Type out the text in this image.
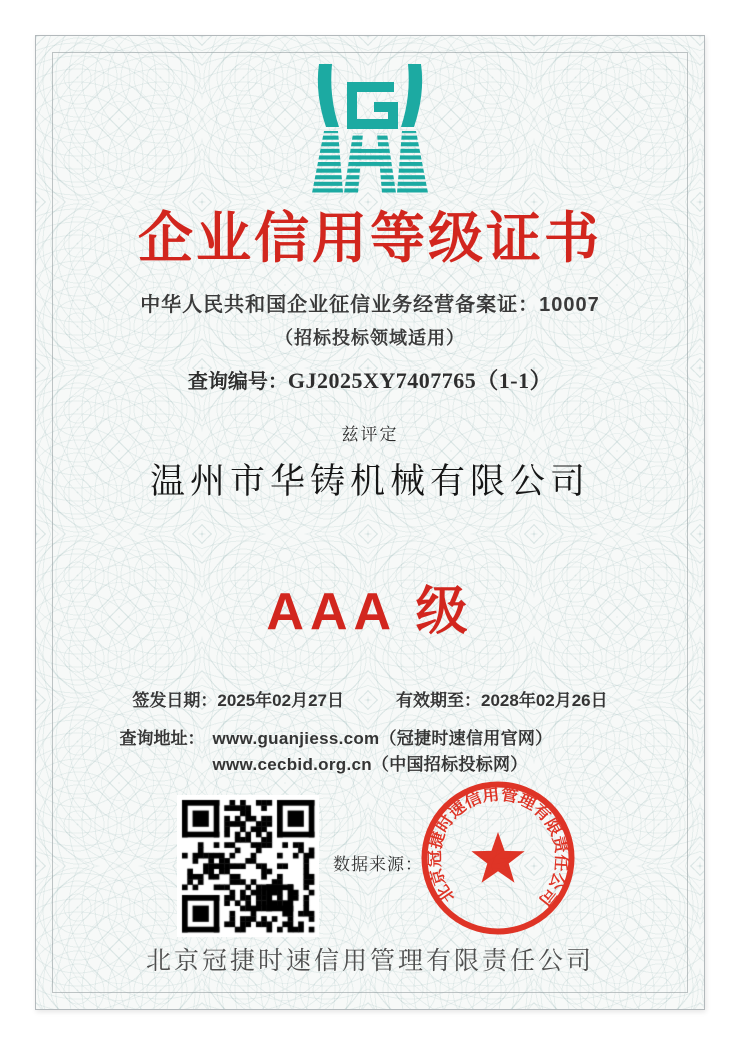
企业信用等级证书
中华人民共和国企业征信业务经营备案证：10007
（招标投标领域适用）
查询编号：GJ2025XY7407765（1-1）
兹评定
温州市华铸机械有限公司
AAA 级
签发日期：2025年02月27日	有效期至：2028年02月26日
查询地址： www.guanjiess.com（冠捷时速信用官网）
www.cecbid.org.cn（中国招标投标网）
数据来源：
北京冠捷时速信用管理有限责任公司
北京冠捷时速信用管理有限责任公司
